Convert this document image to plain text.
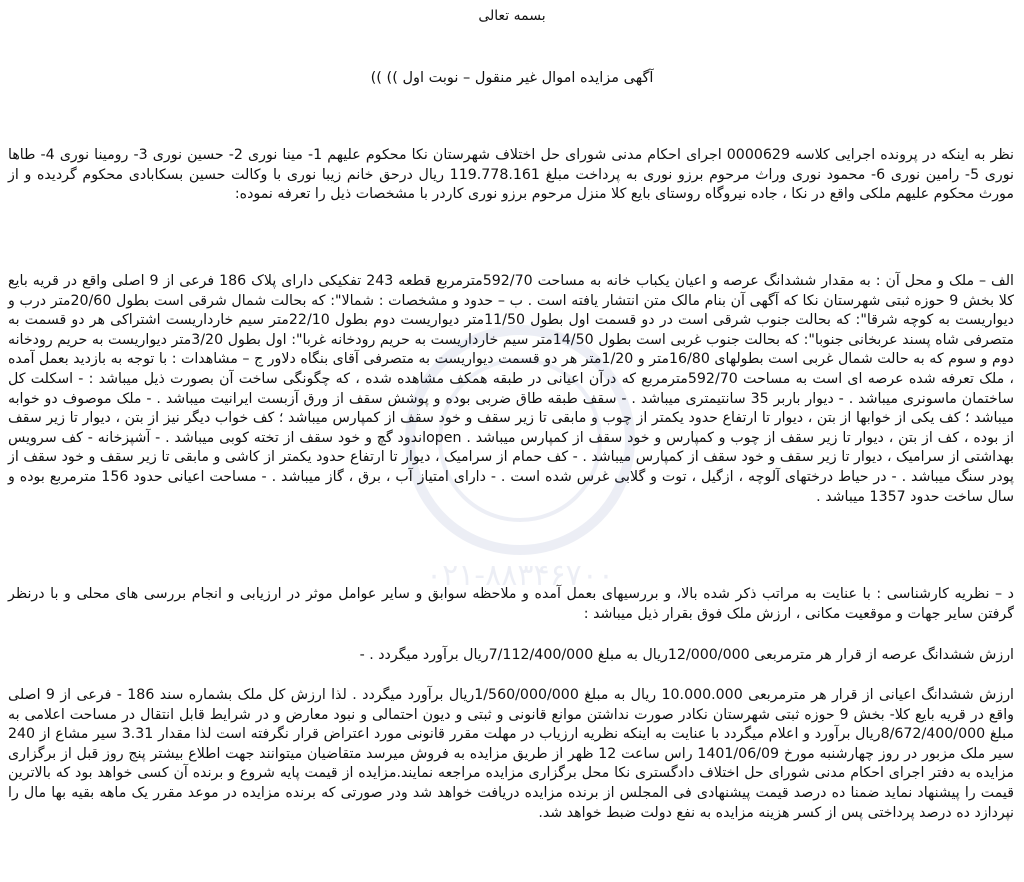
بسمه تعالی
آگهی مزایده اموال غیر منقول – نوبت اول )) ))
نظر به اینکه در پرونده اجرایی کلاسه 0000629 اجرای احکام مدنی شورای حل اختلاف شهرستان نکا محکوم علیهم 1- مینا نوری 2- حسین نوری 3- رومینا نوری 4- طاها نوری 5- رامین نوری 6- محمود نوری وراث مرحوم برزو نوری به پرداخت مبلغ 119.778.161 ریال درحق خانم زیبا نوری با وکالت حسین بسکابادی محکوم گردیده و از مورث محکوم علیهم ملکی واقع در نکا ، جاده نیروگاه روستای بایع کلا منزل مرحوم برزو نوری کاردر با مشخصات ذیل را تعرفه نموده:
الف – ملک و محل آن : به مقدار ششدانگ عرصه و اعیان یکباب خانه به مساحت 592/70مترمربع قطعه 243 تفکیکی دارای پلاک 186 فرعی از 9 اصلی واقع در قریه بایع کلا بخش 9 حوزه ثبتی شهرستان نکا که آگهی آن بنام مالک متن انتشار یافته است . ب – حدود و مشخصات : شمالا": که بحالت شمال شرقی است بطول 20/60متر درب و دیواریست به کوچه شرقا": که بحالت جنوب شرقی است در دو قسمت اول بطول 11/50متر دیواریست دوم بطول 22/10متر سیم خارداریست اشتراکی هر دو قسمت به متصرفی شاه پسند عربخانی جنوبا": که بحالت جنوب غربی است بطول 14/50متر سیم خارداریست به حریم رودخانه غربا": اول بطول 3/20متر دیواریست به حریم رودخانه دوم و سوم که به حالت شمال غربی است بطولهای 16/80متر و 1/20متر هر دو قسمت دیواریست به متصرفی آقای بنگاه دلاور ج – مشاهدات : با توجه به بازدید بعمل آمده ، ملک تعرفه شده عرصه ای است به مساحت 592/70مترمربع که درآن اعیانی در طبقه همکف مشاهده شده ، که چگونگی ساخت آن بصورت ذیل میباشد : - اسکلت کل ساختمان ماسونری میباشد . - دیوار باربر 35 سانتیمتری میباشد . - سقف طبقه طاق ضربی بوده و پوشش سقف از ورق آزبست ایرانیت میباشد . - ملک موصوف دو خوابه میباشد ؛ کف یکی از خوابها از بتن ، دیوار تا ارتفاع حدود یکمتر از چوب و مابقی تا زیر سقف و خود سقف از کمپارس میباشد ؛ کف خواب دیگر نیز از بتن ، دیوار تا زیر سقف از بوده ، کف از بتن ، دیوار تا زیر سقف از چوب و کمپارس و خود سقف از کمپارس میباشد . openاندود گچ و خود سقف از تخته کوبی میباشد . - آشپزخانه - کف سرویس بهداشتی از سرامیک ، دیوار تا زیر سقف و خود سقف از کمپارس میباشد . - کف حمام از سرامیک ، دیوار تا ارتفاع حدود یکمتر از کاشی و مابقی تا زیر سقف و خود سقف از پودر سنگ میباشد . - در حیاط درختهای آلوچه ، ازگیل ، توت و گلابی غرس شده است . - دارای امتیاز آب ، برق ، گاز میباشد . - مساحت اعیانی حدود 156 مترمربع بوده و سال ساخت حدود 1357 میباشد .
د – نظریه کارشناسی : با عنایت به مراتب ذکر شده بالا، و بررسیهای بعمل آمده و ملاحظه سوابق و سایر عوامل موثر در ارزیابی و انجام بررسی های محلی و با درنظر گرفتن سایر جهات و موقعیت مکانی ، ارزش ملک فوق بقرار ذیل میباشد :
ارزش ششدانگ عرصه از قرار هر مترمربعی 12/000/000ریال به مبلغ 7/112/400/000ریال برآورد میگردد . -
ارزش ششدانگ اعیانی از قرار هر مترمربعی 10.000.000 ریال به مبلغ 1/560/000/000ریال برآورد میگردد . لذا ارزش کل ملک بشماره سند 186 - فرعی از 9 اصلی واقع در قریه بایع کلا- بخش 9 حوزه ثبتی شهرستان نکادر صورت نداشتن موانع قانونی و ثبتی و دیون احتمالی و نبود معارض و در شرایط قابل انتقال در مساحت اعلامی به مبلغ 8/672/400/000ریال برآورد و اعلام میگردد با عنایت به اینکه نظریه ارزیاب در مهلت مقرر قانونی مورد اعتراض قرار نگرفته است لذا مقدار 3.31 سیر مشاع از 240 سیر ملک مزبور در روز چهارشنبه مورخ 1401/06/09 راس ساعت 12 ظهر از طریق مزایده به فروش میرسد متقاضیان میتوانند جهت اطلاع بیشتر پنج روز قبل از برگزاری مزایده به دفتر اجرای احکام مدنی شورای حل اختلاف دادگستری نکا محل برگزاری مزایده مراجعه نمایند.مزایده از قیمت پایه شروع و برنده آن کسی خواهد بود که بالاترین قیمت را پیشنهاد نماید ضمنا ده درصد قیمت پیشنهادی فی المجلس از برنده مزایده دریافت خواهد شد ودر صورتی که برنده مزایده در موعد مقرر یک ماهه بقیه بها مال را نپردازد ده درصد پرداختی پس از کسر هزینه مزایده به نفع دولت ضبط خواهد شد.
۰۲۱-۸۸۳۴۶۷۰۰
